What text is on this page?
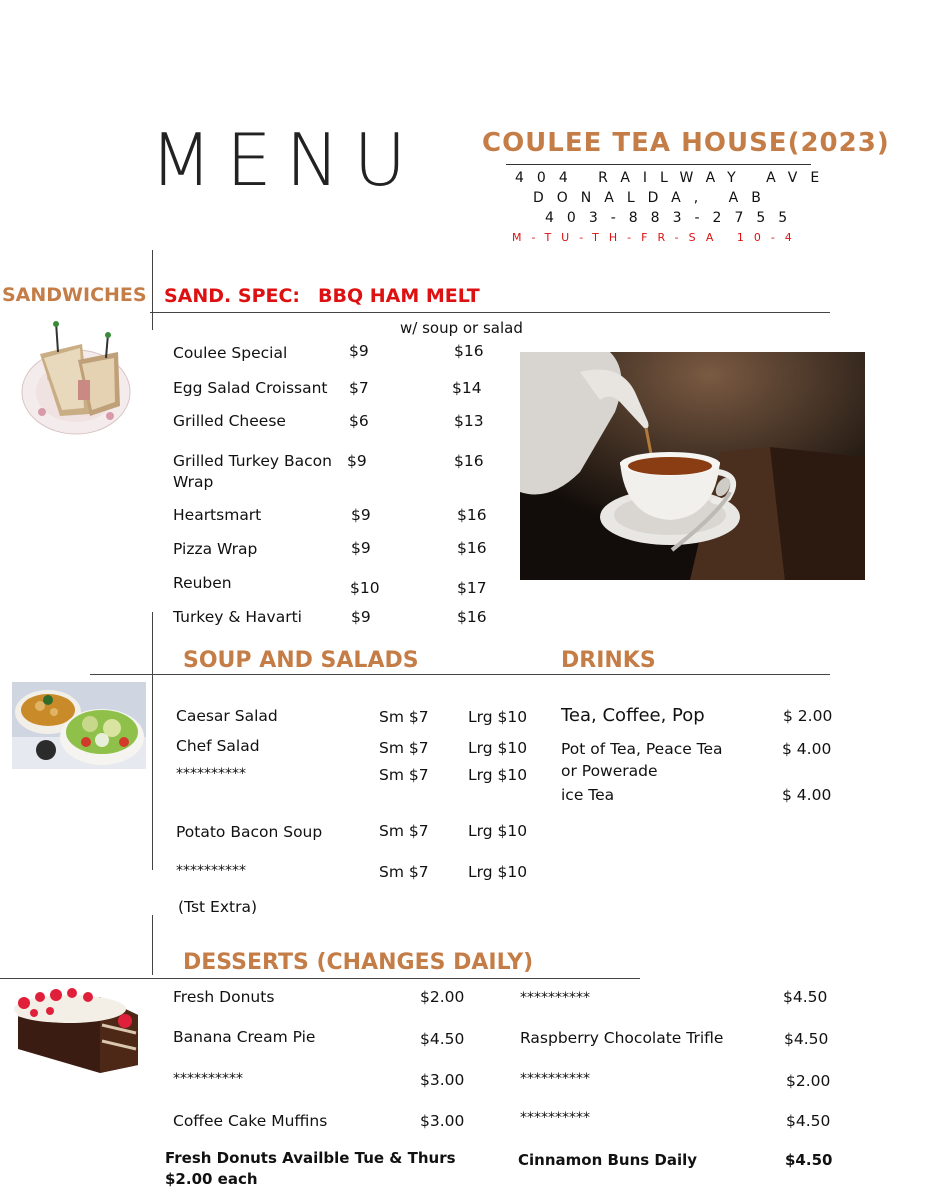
MENU COULEE TEA HOUSE(2023)
404 RAILWAY AVE
DONALDA, AB
403-883-2755
M-TU-TH-FR-SA 10-4
SANDWICHES SAND. SPEC: BBQ HAM MELT
w/ soup or salad
Coulee Special	$9	$16
Egg Salad Croissant $7	$14
Grilled Cheese	$6	$13
Grilled Turkey Bacon
Wrap
$9	$16
Heartsmart	$9	$16
Pizza Wrap	$9	$16
Reuben	$10	$17
Turkey & Havarti	$9	$16
SOUP AND SALADS	DRINKS
Caesar Salad	Sm $7	Lrg $10
Chef Salad	Sm $7	Lrg $10
**********	Sm $7	Lrg $10
Potato Bacon Soup	Sm $7	Lrg $10
**********	Sm $7	Lrg $10
(Tst Extra)
Tea, Coffee, Pop	$ 2.00
Pot of Tea, Peace Tea
or Powerade
$ 4.00
ice Tea	$ 4.00
DESSERTS (CHANGES DAILY)
Fresh Donuts	$2.00
Banana Cream Pie	$4.50
**********	$3.00
Coffee Cake Muffins	$3.00
**********	$4.50
Raspberry Chocolate Trifle	$4.50
**********	$2.00
**********	$4.50
Fresh Donuts Availble Tue & Thurs
$2.00 each
Cinnamon Buns Daily	$4.50
